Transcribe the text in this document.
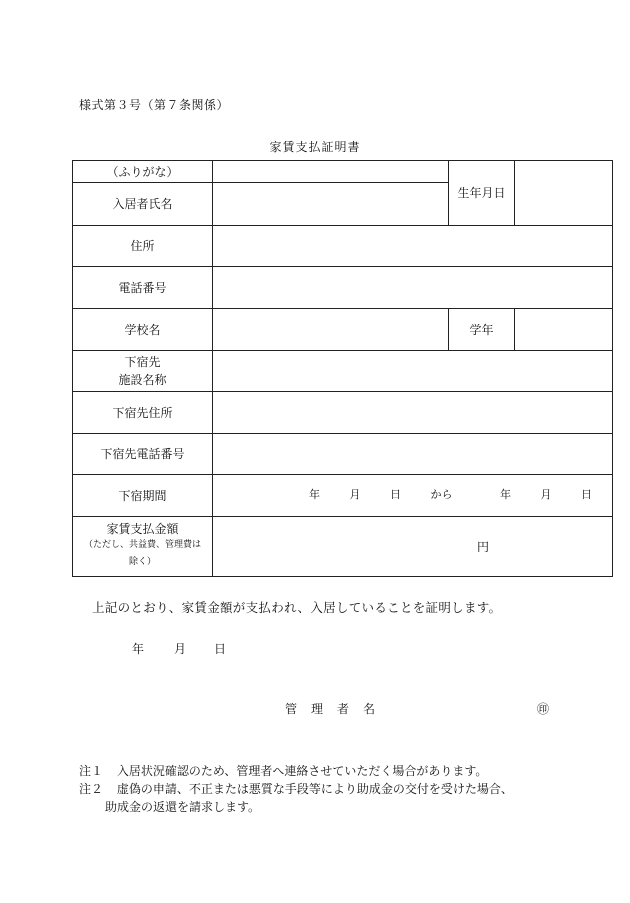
様式第３号（第７条関係）
家賃支払証明書
（ふりがな）		生年月日	
入居者氏名			
住所			
電話番号			
学校名		学年	
下宿先
施設名称			
下宿先住所			
下宿先電話番号			
下宿期間	年 月 日 から 年 月 日		

家賃支払金額
（ただし、共益費、管理費は
除く）	円		
上記のとおり、家賃金額が支払われ、入居していることを証明します。
年 月 日
管 理 者 名	㊞
注１ 入居状況確認のため、管理者へ連絡させていただく場合があります。
注２ 虚偽の申請、不正または悪質な手段等により助成金の交付を受けた場合、
助成金の返還を請求します。
